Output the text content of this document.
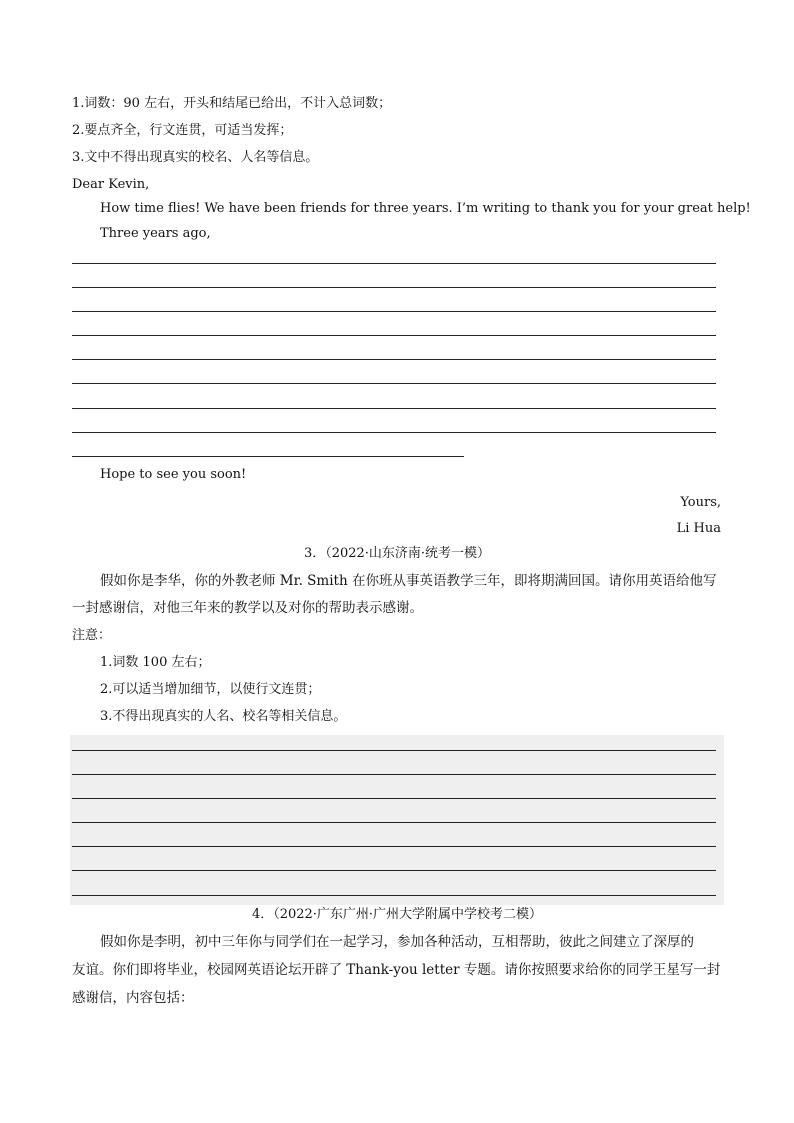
1.词数：90 左右，开头和结尾已给出，不计入总词数；
2.要点齐全，行文连贯，可适当发挥；
3.文中不得出现真实的校名、人名等信息。
Dear Kevin,
How time flies! We have been friends for three years. I’m writing to thank you for your great help!
Three years ago,
Hope to see you soon!
Yours,
Li Hua
3．（2022·山东济南·统考一模）
假如你是李华，你的外教老师 Mr. Smith 在你班从事英语教学三年，即将期满回国。请你用英语给他写
一封感谢信，对他三年来的教学以及对你的帮助表示感谢。
注意：
1.词数 100 左右；
2.可以适当增加细节，以使行文连贯；
3.不得出现真实的人名、校名等相关信息。
4．（2022·广东广州·广州大学附属中学校考二模）
假如你是李明，初中三年你与同学们在一起学习，参加各种活动，互相帮助，彼此之间建立了深厚的
友谊。你们即将毕业，校园网英语论坛开辟了 Thank-you letter 专题。请你按照要求给你的同学王星写一封
感谢信，内容包括：
